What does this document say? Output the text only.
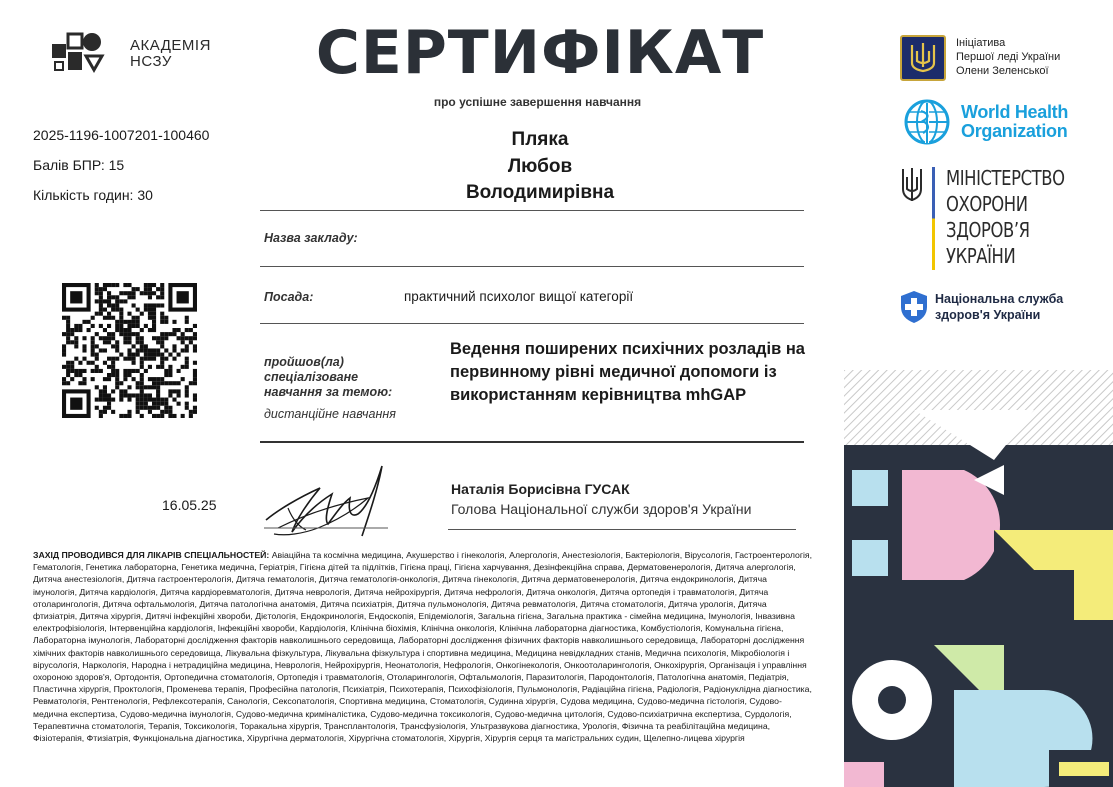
АКАДЕМІЯ
НСЗУ	СЕРТИФІКАТ
про успішне завершення навчання
2025-1196-1007201-100460
Балів БПР: 15
Кількість годин: 30
Пляка
Любов
Володимирівна
Назва закладу:
Посада:	практичний психолог вищої категорії
пройшов(ла)
спеціалізоване
навчання за темою:
дистанційне навчання
Ведення поширених психічних розладів на первинному рівні медичної допомоги із використанням керівництва mhGAP
16.05.25
Наталія Борисівна ГУСАК
Голова Національної служби здоров'я України
ЗАХІД ПРОВОДИВСЯ ДЛЯ ЛІКАРІВ СПЕЦІАЛЬНОСТЕЙ: Авіаційна та космічна медицина, Акушерство і гінекологія, Алергологія, Анестезіологія, Бактеріологія, Вірусологія, Гастроентерологія, Гематологія, Генетика лабораторна, Генетика медична, Геріатрія, Гігієна дітей та підлітків, Гігієна праці, Гігієна харчування, Дезінфекційна справа, Дерматовенерологія, Дитяча алергологія, Дитяча анестезіологія, Дитяча гастроентерологія, Дитяча гематологія, Дитяча гематологія-онкологія, Дитяча гінекологія, Дитяча дерматовенерологія, Дитяча ендокринологія, Дитяча імунологія, Дитяча кардіологія, Дитяча кардіоревматологія, Дитяча неврологія, Дитяча нейрохірургія, Дитяча нефрологія, Дитяча онкологія, Дитяча ортопедія і травматологія, Дитяча отоларингологія, Дитяча офтальмологія, Дитяча патологічна анатомія, Дитяча психіатрія, Дитяча пульмонологія, Дитяча ревматологія, Дитяча стоматологія, Дитяча урологія, Дитяча фтизіатрія, Дитяча хірургія, Дитячі інфекційні хвороби, Дієтологія, Ендокринологія, Ендоскопія, Епідеміологія, Загальна гігієна, Загальна практика - сімейна медицина, Імунологія, Інвазивна електрофізіологія, Інтервенційна кардіологія, Інфекційні хвороби, Кардіологія, Клінічна біохімія, Клінічна онкологія, Клінічна лабораторна діагностика, Комбустіологія, Комунальна гігієна, Лабораторна імунологія, Лабораторні дослідження факторів навколишнього середовища, Лабораторні дослідження фізичних факторів навколишнього середовища, Лабораторні дослідження хімічних факторів навколишнього середовища, Лікувальна фізкультура, Лікувальна фізкультура і спортивна медицина, Медицина невідкладних станів, Медична психологія, Мікробіологія і вірусологія, Наркологія, Народна і нетрадиційна медицина, Неврологія, Нейрохірургія, Неонатологія, Нефрологія, Онкогінекологія, Онкоотоларингологія, Онкохірургія, Організація і управління охороною здоров'я, Ортодонтія, Ортопедична стоматологія, Ортопедія і травматологія, Отоларингологія, Офтальмологія, Паразитологія, Пародонтологія, Патологічна анатомія, Педіатрія, Пластична хірургія, Проктологія, Променева терапія, Професійна патологія, Психіатрія, Психотерапія, Психофізіологія, Пульмонологія, Радіаційна гігієна, Радіологія, Радіонуклідна діагностика, Ревматологія, Рентгенологія, Рефлексотерапія, Санологія, Сексопатологія, Спортивна медицина, Стоматологія, Судинна хірургія, Судова медицина, Судово-медична гістологія, Судово-медична експертиза, Судово-медична імунологія, Судово-медична криміналістика, Судово-медична токсикологія, Судово-медична цитологія, Судово-психіатрична експертиза, Сурдологія, Терапевтична стоматологія, Терапія, Токсикологія, Торакальна хірургія, Трансплантологія, Трансфузіологія, Ультразвукова діагностика, Урологія, Фізична та реабілітаційна медицина, Фізіотерапія, Фтизіатрія, Функціональна діагностика, Хірургічна дерматологія, Хірургічна стоматологія, Хірургія, Хірургія серця та магістральних судин, Щелепно-лицева хірургія
Ініціатива
Першої леді України
Олени Зеленської
World Health
Organization
МІНІСТЕРСТВО
ОХОРОНИ
ЗДОРОВ’Я
УКРАЇНИ
Національна служба
здоров'я України
